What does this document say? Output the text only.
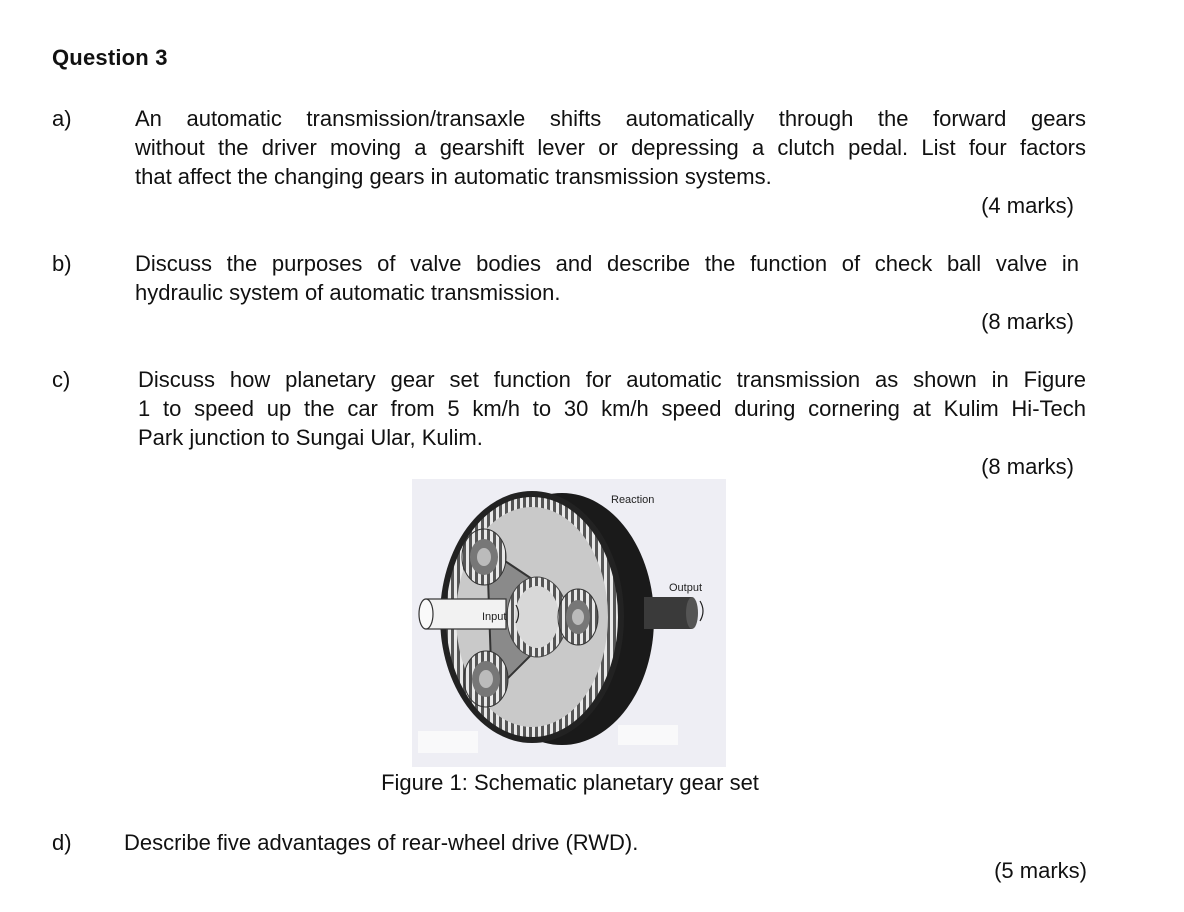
Question 3
a)	An automatic transmission/transaxle shifts automatically through the forward gears
without the driver moving a gearshift lever or depressing a clutch pedal. List four factors
that affect the changing gears in automatic transmission systems.
(4 marks)
b)	Discuss the purposes of valve bodies and describe the function of check ball valve in
hydraulic system of automatic transmission.
(8 marks)
c)	Discuss how planetary gear set function for automatic transmission as shown in Figure
1 to speed up the car from 5 km/h to 30 km/h speed during cornering at Kulim Hi-Tech
Park junction to Sungai Ular, Kulim.
(8 marks)
Input
Output
Reaction
Figure 1: Schematic planetary gear set
d) Describe five advantages of rear-wheel drive (RWD).
(5 marks)
